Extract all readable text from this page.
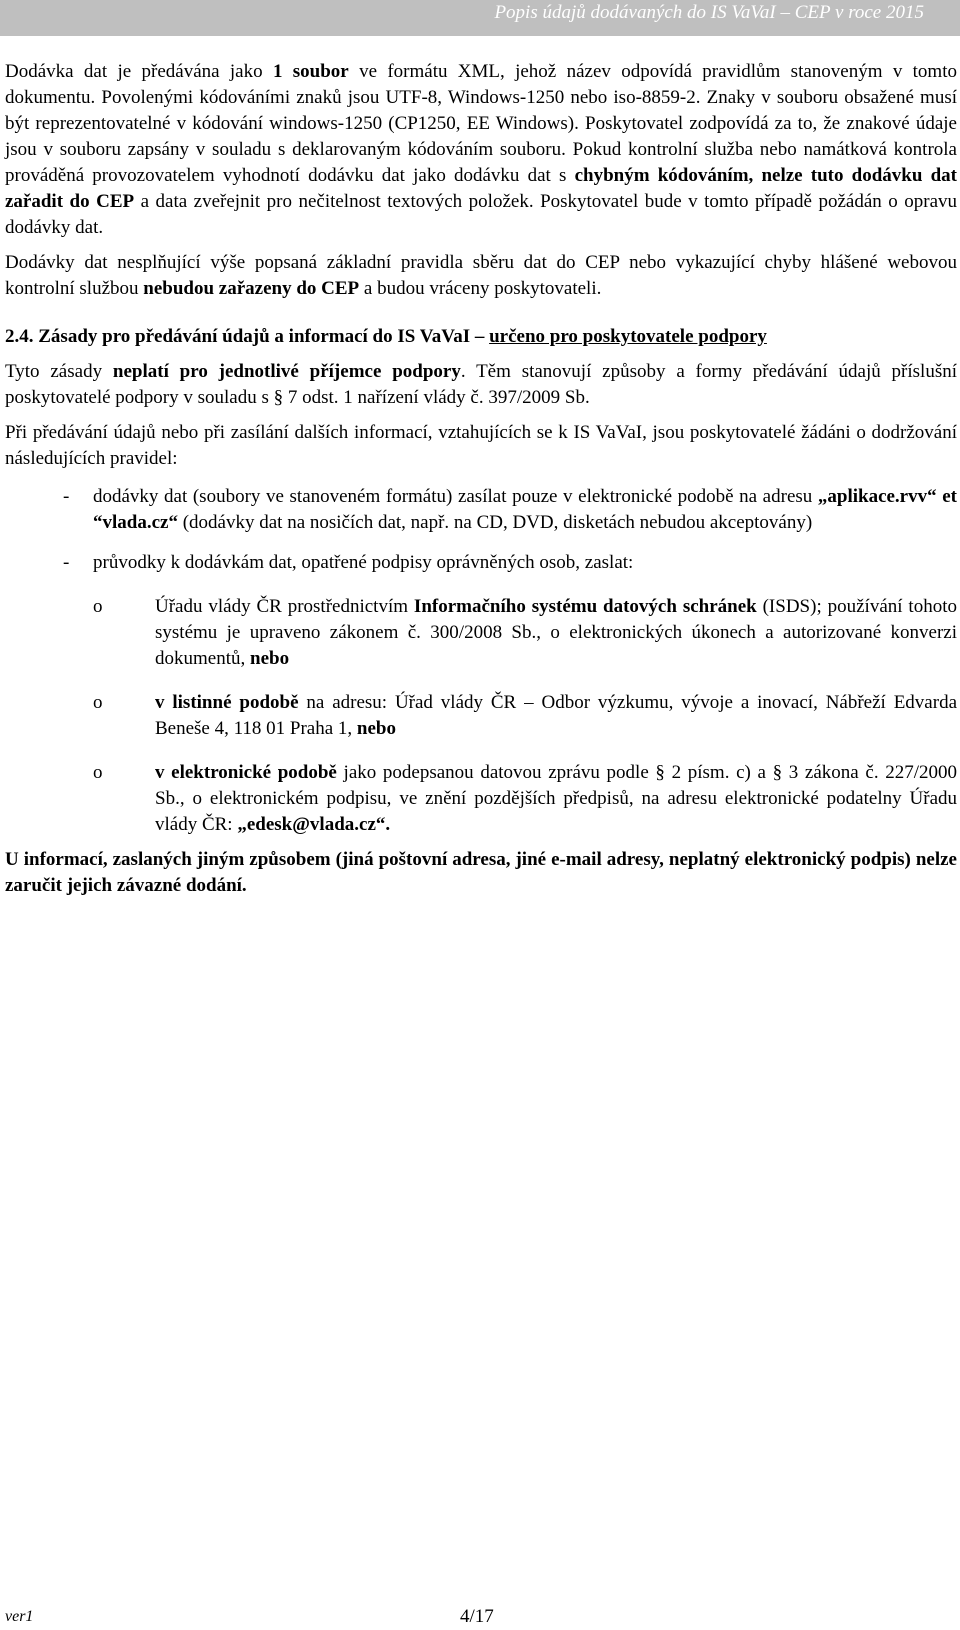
Popis údajů dodávaných do IS VaVaI – CEP v roce 2015

Dodávka dat je předávána jako 1 soubor ve formátu XML, jehož název odpovídá pravidlům stanoveným v tomto dokumentu. Povolenými kódováními znaků jsou UTF-8, Windows-1250 nebo iso-8859-2. Znaky v souboru obsažené musí být reprezentovatelné v kódování windows-1250 (CP1250, EE Windows). Poskytovatel zodpovídá za to, že znakové údaje jsou v souboru zapsány v souladu s deklarovaným kódováním souboru. Pokud kontrolní služba nebo namátková kontrola prováděná provozovatelem vyhodnotí dodávku dat jako dodávku dat s chybným kódováním, nelze tuto dodávku dat zařadit do CEP a data zveřejnit pro nečitelnost textových položek. Poskytovatel bude v tomto případě požádán o opravu dodávky dat.

Dodávky dat nesplňující výše popsaná základní pravidla sběru dat do CEP nebo vykazující chyby hlášené webovou kontrolní službou nebudou zařazeny do CEP a budou vráceny poskytovateli.

2.4. Zásady pro předávání údajů a informací do IS VaVaI – určeno pro poskytovatele podpory

Tyto zásady neplatí pro jednotlivé příjemce podpory. Těm stanovují způsoby a formy předávání údajů příslušní poskytovatelé podpory v souladu s § 7 odst. 1 nařízení vlády č. 397/2009 Sb.

Při předávání údajů nebo při zasílání dalších informací, vztahujících se k IS VaVaI, jsou poskytovatelé žádáni o dodržování následujících pravidel:

- dodávky dat (soubory ve stanoveném formátu) zasílat pouze v elektronické podobě na adresu „aplikace.rvv“ et “vlada.cz“ (dodávky dat na nosičích dat, např. na CD, DVD, disketách nebudou akceptovány)
- průvodky k dodávkám dat, opatřené podpisy oprávněných osob, zaslat:
o	Úřadu vlády ČR prostřednictvím Informačního systému datových schránek (ISDS); používání tohoto systému je upraveno zákonem č. 300/2008 Sb., o elektronických úkonech a autorizované konverzi dokumentů, nebo
o	v listinné podobě na adresu: Úřad vlády ČR – Odbor výzkumu, vývoje a inovací, Nábřeží Edvarda Beneše 4, 118 01 Praha 1, nebo
o	v elektronické podobě jako podepsanou datovou zprávu podle § 2 písm. c) a § 3 zákona č. 227/2000 Sb., o elektronickém podpisu, ve znění pozdějších předpisů, na adresu elektronické podatelny Úřadu vlády ČR: „edesk@vlada.cz“.

U informací, zaslaných jiným způsobem (jiná poštovní adresa, jiné e-mail adresy, neplatný elektronický podpis) nelze zaručit jejich závazné dodání.

ver1	4/17
